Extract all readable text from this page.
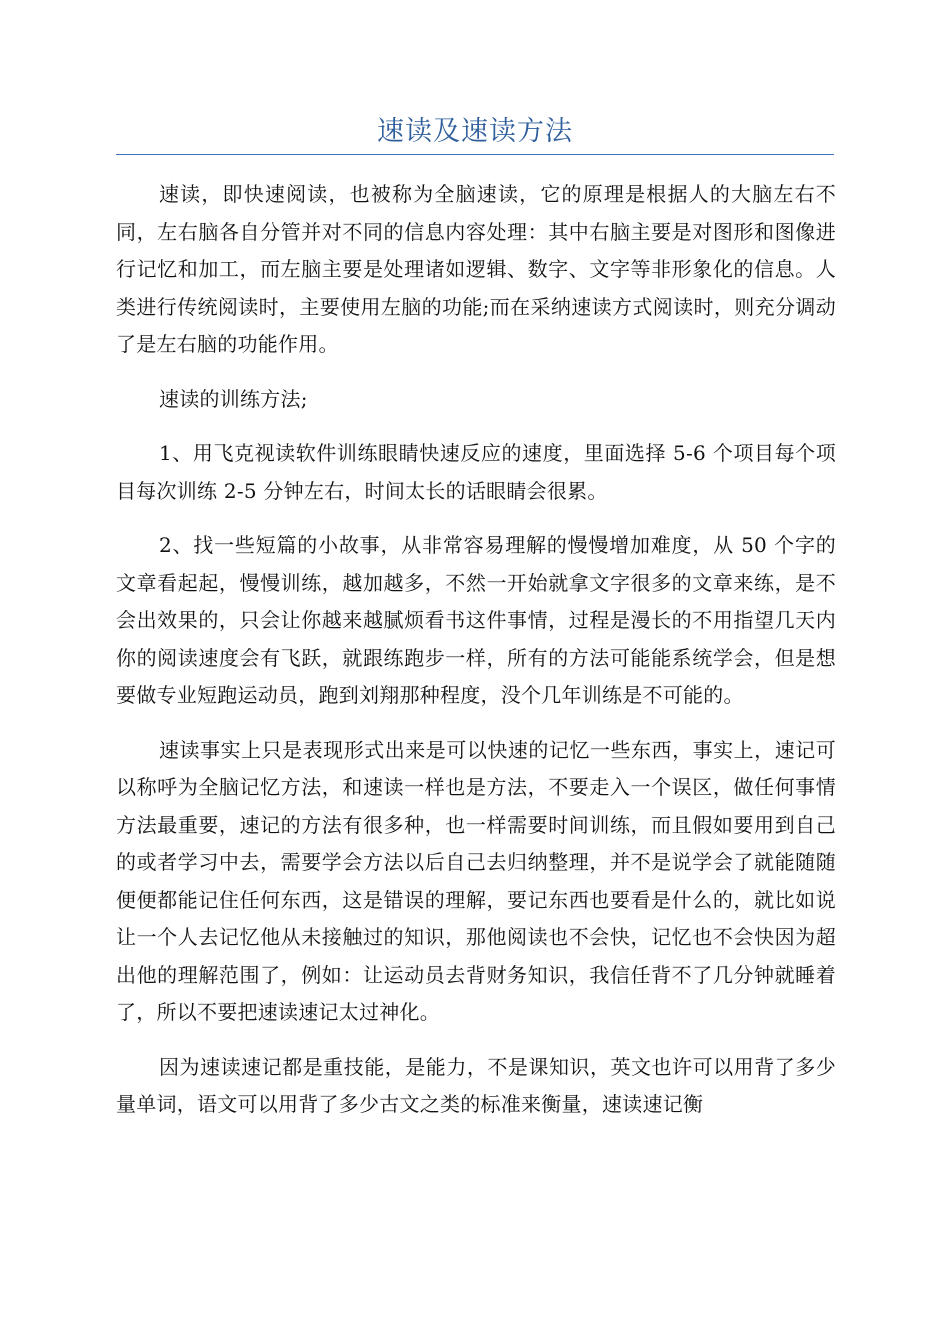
速读及速读方法

速读，即快速阅读，也被称为全脑速读，它的原理是根据人的大脑左右不同，左右脑各自分管并对不同的信息内容处理：其中右脑主要是对图形和图像进行记忆和加工，而左脑主要是处理诸如逻辑、数字、文字等非形象化的信息。人类进行传统阅读时，主要使用左脑的功能;而在采纳速读方式阅读时，则充分调动了是左右脑的功能作用。

速读的训练方法;

1、用飞克视读软件训练眼睛快速反应的速度，里面选择 5-6 个项目每个项目每次训练 2-5 分钟左右，时间太长的话眼睛会很累。

2、找一些短篇的小故事，从非常容易理解的慢慢增加难度，从 50 个字的文章看起起，慢慢训练，越加越多，不然一开始就拿文字很多的文章来练，是不会出效果的，只会让你越来越腻烦看书这件事情，过程是漫长的不用指望几天内你的阅读速度会有飞跃，就跟练跑步一样，所有的方法可能能系统学会，但是想要做专业短跑运动员，跑到刘翔那种程度，没个几年训练是不可能的。

速读事实上只是表现形式出来是可以快速的记忆一些东西，事实上，速记可以称呼为全脑记忆方法，和速读一样也是方法，不要走入一个误区，做任何事情方法最重要，速记的方法有很多种，也一样需要时间训练，而且假如要用到自己的或者学习中去，需要学会方法以后自己去归纳整理，并不是说学会了就能随随便便都能记住任何东西，这是错误的理解，要记东西也要看是什么的，就比如说让一个人去记忆他从未接触过的知识，那他阅读也不会快，记忆也不会快因为超出他的理解范围了，例如：让运动员去背财务知识，我信任背不了几分钟就睡着了，所以不要把速读速记太过神化。

因为速读速记都是重技能，是能力，不是课知识，英文也许可以用背了多少量单词，语文可以用背了多少古文之类的标准来衡量，速读速记衡
